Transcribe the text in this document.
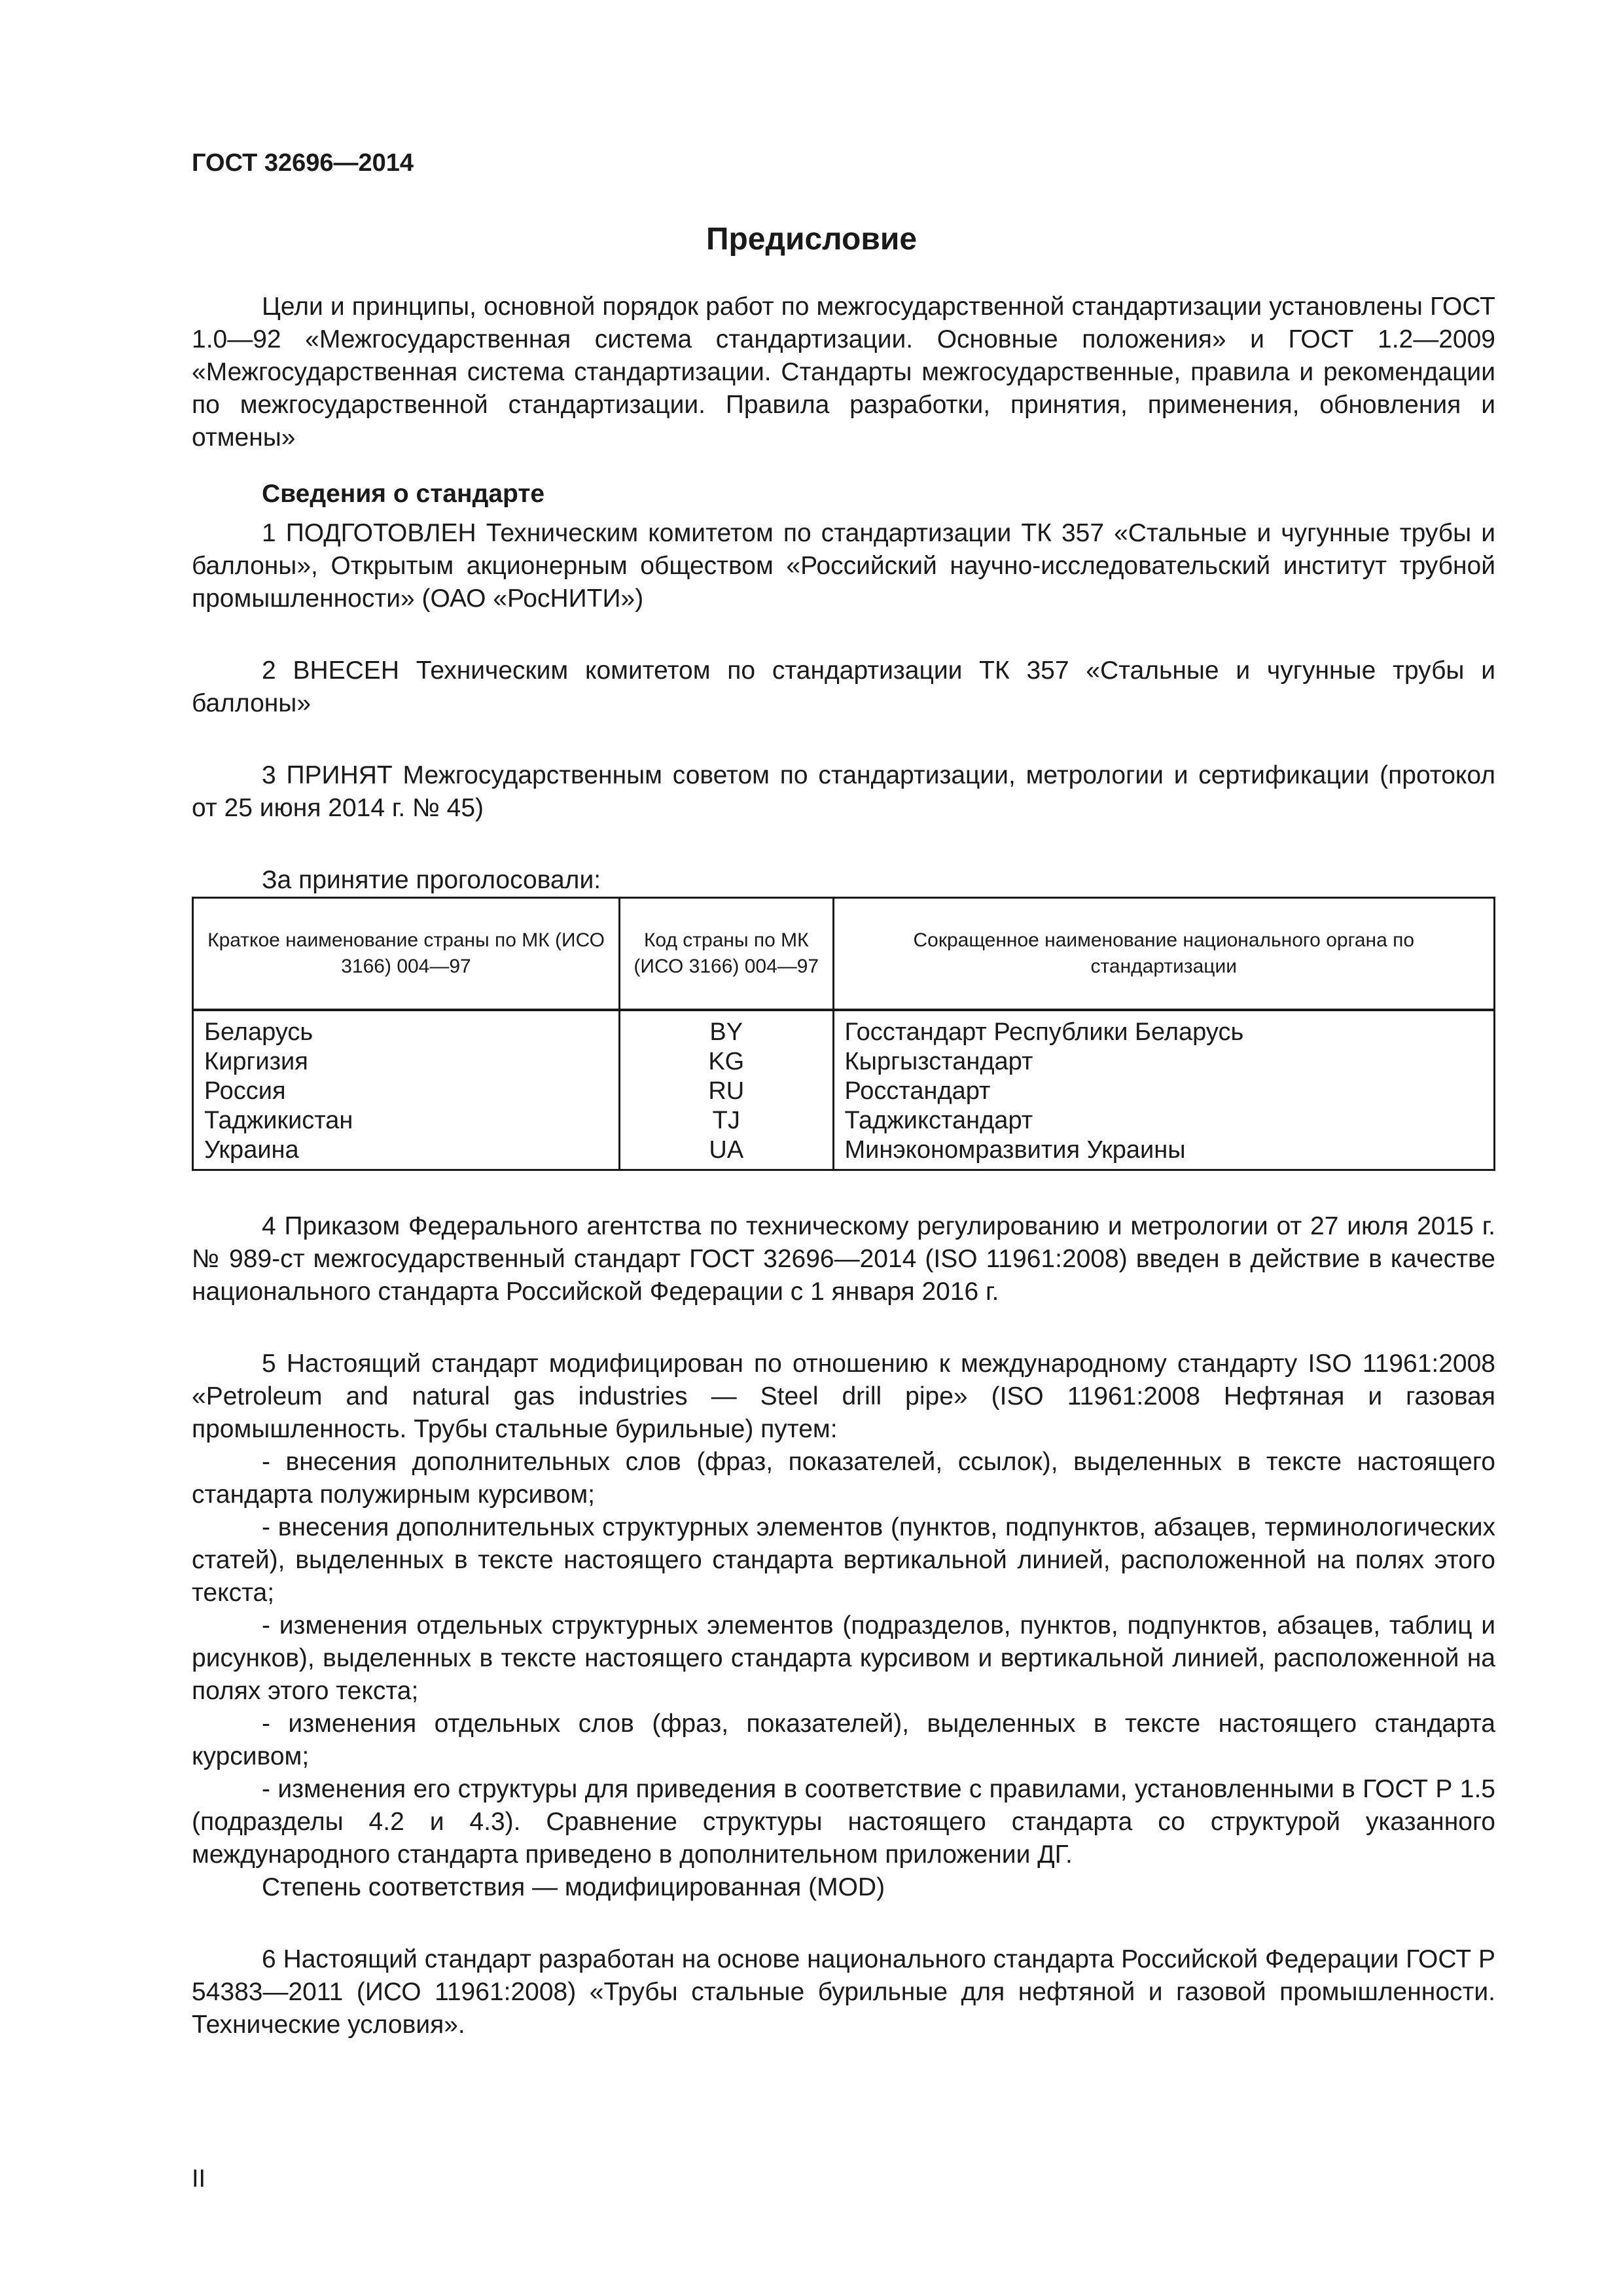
ГОСТ 32696—2014
Предисловие

Цели и принципы, основной порядок работ по межгосударственной стандартизации установлены ГОСТ 1.0—92 «Межгосударственная система стандартизации. Основные положения» и ГОСТ 1.2—2009 «Межгосударственная система стандартизации. Стандарты межгосударственные, правила и рекомендации по межгосударственной стандартизации. Правила разработки, принятия, применения, обновления и отмены»

Сведения о стандарте

1 ПОДГОТОВЛЕН Техническим комитетом по стандартизации ТК 357 «Стальные и чугунные трубы и баллоны», Открытым акционерным обществом «Российский научно-исследовательский институт трубной промышленности» (ОАО «РосНИТИ»)

2 ВНЕСЕН Техническим комитетом по стандартизации ТК 357 «Стальные и чугунные трубы и баллоны»

3 ПРИНЯТ Межгосударственным советом по стандартизации, метрологии и сертификации (протокол от 25 июня 2014 г. № 45)

За принятие проголосовали:

Краткое наименование страны по МК (ИСО 3166) 004—97	Код страны по МК (ИСО 3166) 004—97	Сокращенное наименование национального органа по стандартизации

Беларусь	BY	Госстандарт Республики Беларусь
Киргизия	KG	Кыргызстандарт
Россия	RU	Росстандарт
Таджикистан	TJ	Таджикстандарт
Украина	UA	Минэкономразвития Украины

4 Приказом Федерального агентства по техническому регулированию и метрологии от 27 июля 2015 г. № 989-ст межгосударственный стандарт ГОСТ 32696—2014 (ISO 11961:2008) введен в действие в качестве национального стандарта Российской Федерации с 1 января 2016 г.

5 Настоящий стандарт модифицирован по отношению к международному стандарту ISO 11961:2008 «Petroleum and natural gas industries — Steel drill pipe» (ISO 11961:2008 Нефтяная и газовая промышленность. Трубы стальные бурильные) путем:

- внесения дополнительных слов (фраз, показателей, ссылок), выделенных в тексте настоящего стандарта полужирным курсивом;

- внесения дополнительных структурных элементов (пунктов, подпунктов, абзацев, терминологических статей), выделенных в тексте настоящего стандарта вертикальной линией, расположенной на полях этого текста;

- изменения отдельных структурных элементов (подразделов, пунктов, подпунктов, абзацев, таблиц и рисунков), выделенных в тексте настоящего стандарта курсивом и вертикальной линией, расположенной на полях этого текста;

- изменения отдельных слов (фраз, показателей), выделенных в тексте настоящего стандарта курсивом;

- изменения его структуры для приведения в соответствие с правилами, установленными в ГОСТ Р 1.5 (подразделы 4.2 и 4.3). Сравнение структуры настоящего стандарта со структурой указанного международного стандарта приведено в дополнительном приложении ДГ.

Степень соответствия — модифицированная (MOD)

6 Настоящий стандарт разработан на основе национального стандарта Российской Федерации ГОСТ Р 54383—2011 (ИСО 11961:2008) «Трубы стальные бурильные для нефтяной и газовой промышленности. Технические условия».

II
